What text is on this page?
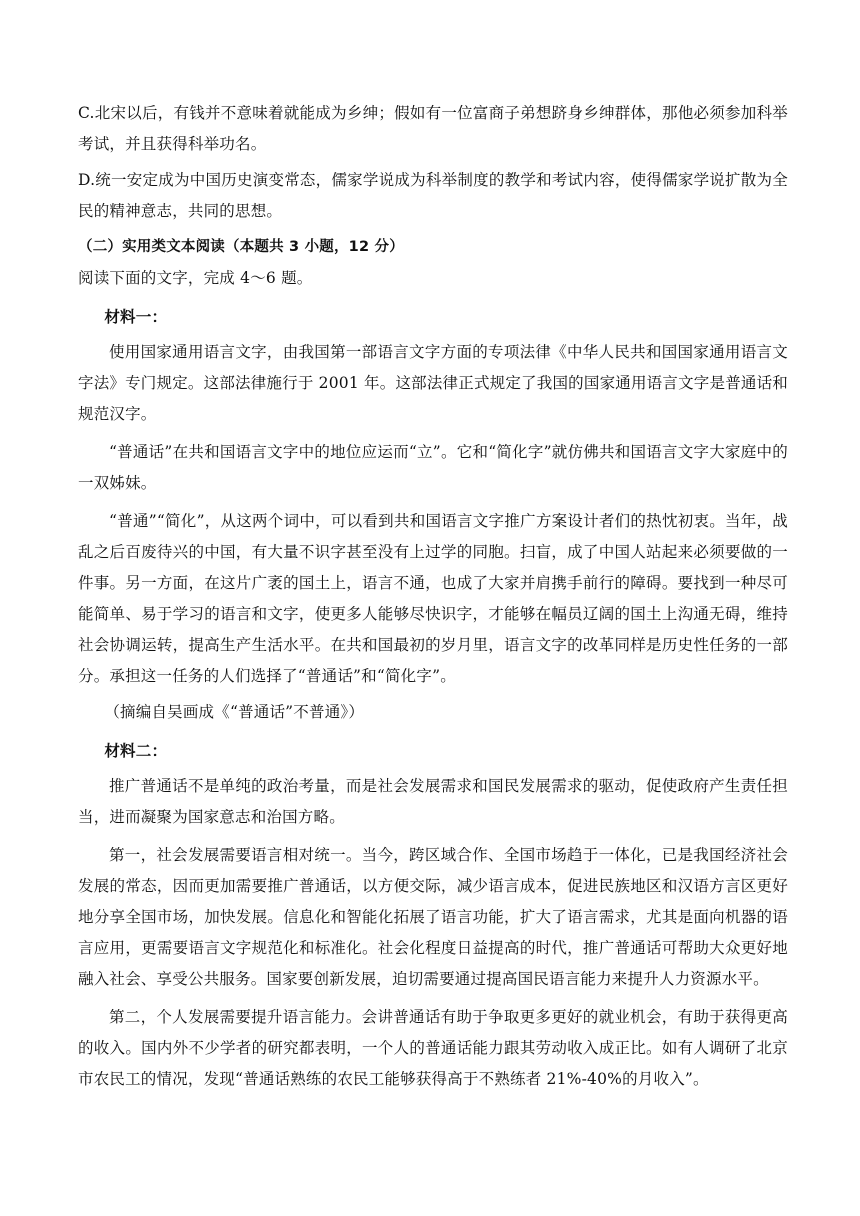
C.北宋以后，有钱并不意味着就能成为乡绅；假如有一位富商子弟想跻身乡绅群体，那他必须参加科举考试，并且获得科举功名。

D.统一安定成为中国历史演变常态，儒家学说成为科举制度的教学和考试内容，使得儒家学说扩散为全民的精神意志，共同的思想。

（二）实用类文本阅读（本题共 3 小题，12 分）

阅读下面的文字，完成 4～6 题。

材料一：

使用国家通用语言文字，由我国第一部语言文字方面的专项法律《中华人民共和国国家通用语言文字法》专门规定。这部法律施行于 2001 年。这部法律正式规定了我国的国家通用语言文字是普通话和规范汉字。

“普通话”在共和国语言文字中的地位应运而“立”。它和“简化字”就仿佛共和国语言文字大家庭中的一双姊妹。

“普通”“简化”，从这两个词中，可以看到共和国语言文字推广方案设计者们的热忱初衷。当年，战乱之后百废待兴的中国，有大量不识字甚至没有上过学的同胞。扫盲，成了中国人站起来必须要做的一件事。另一方面，在这片广袤的国土上，语言不通，也成了大家并肩携手前行的障碍。要找到一种尽可能简单、易于学习的语言和文字，使更多人能够尽快识字，才能够在幅员辽阔的国土上沟通无碍，维持社会协调运转，提高生产生活水平。在共和国最初的岁月里，语言文字的改革同样是历史性任务的一部分。承担这一任务的人们选择了“普通话”和“简化字”。

（摘编自吴画成《“普通话”不普通》）

材料二：

推广普通话不是单纯的政治考量，而是社会发展需求和国民发展需求的驱动，促使政府产生责任担当，进而凝聚为国家意志和治国方略。

第一，社会发展需要语言相对统一。当今，跨区域合作、全国市场趋于一体化，已是我国经济社会发展的常态，因而更加需要推广普通话，以方便交际，减少语言成本，促进民族地区和汉语方言区更好地分享全国市场，加快发展。信息化和智能化拓展了语言功能，扩大了语言需求，尤其是面向机器的语言应用，更需要语言文字规范化和标准化。社会化程度日益提高的时代，推广普通话可帮助大众更好地融入社会、享受公共服务。国家要创新发展，迫切需要通过提高国民语言能力来提升人力资源水平。

第二，个人发展需要提升语言能力。会讲普通话有助于争取更多更好的就业机会，有助于获得更高的收入。国内外不少学者的研究都表明，一个人的普通话能力跟其劳动收入成正比。如有人调研了北京市农民工的情况，发现“普通话熟练的农民工能够获得高于不熟练者 21%-40%的月收入”。
